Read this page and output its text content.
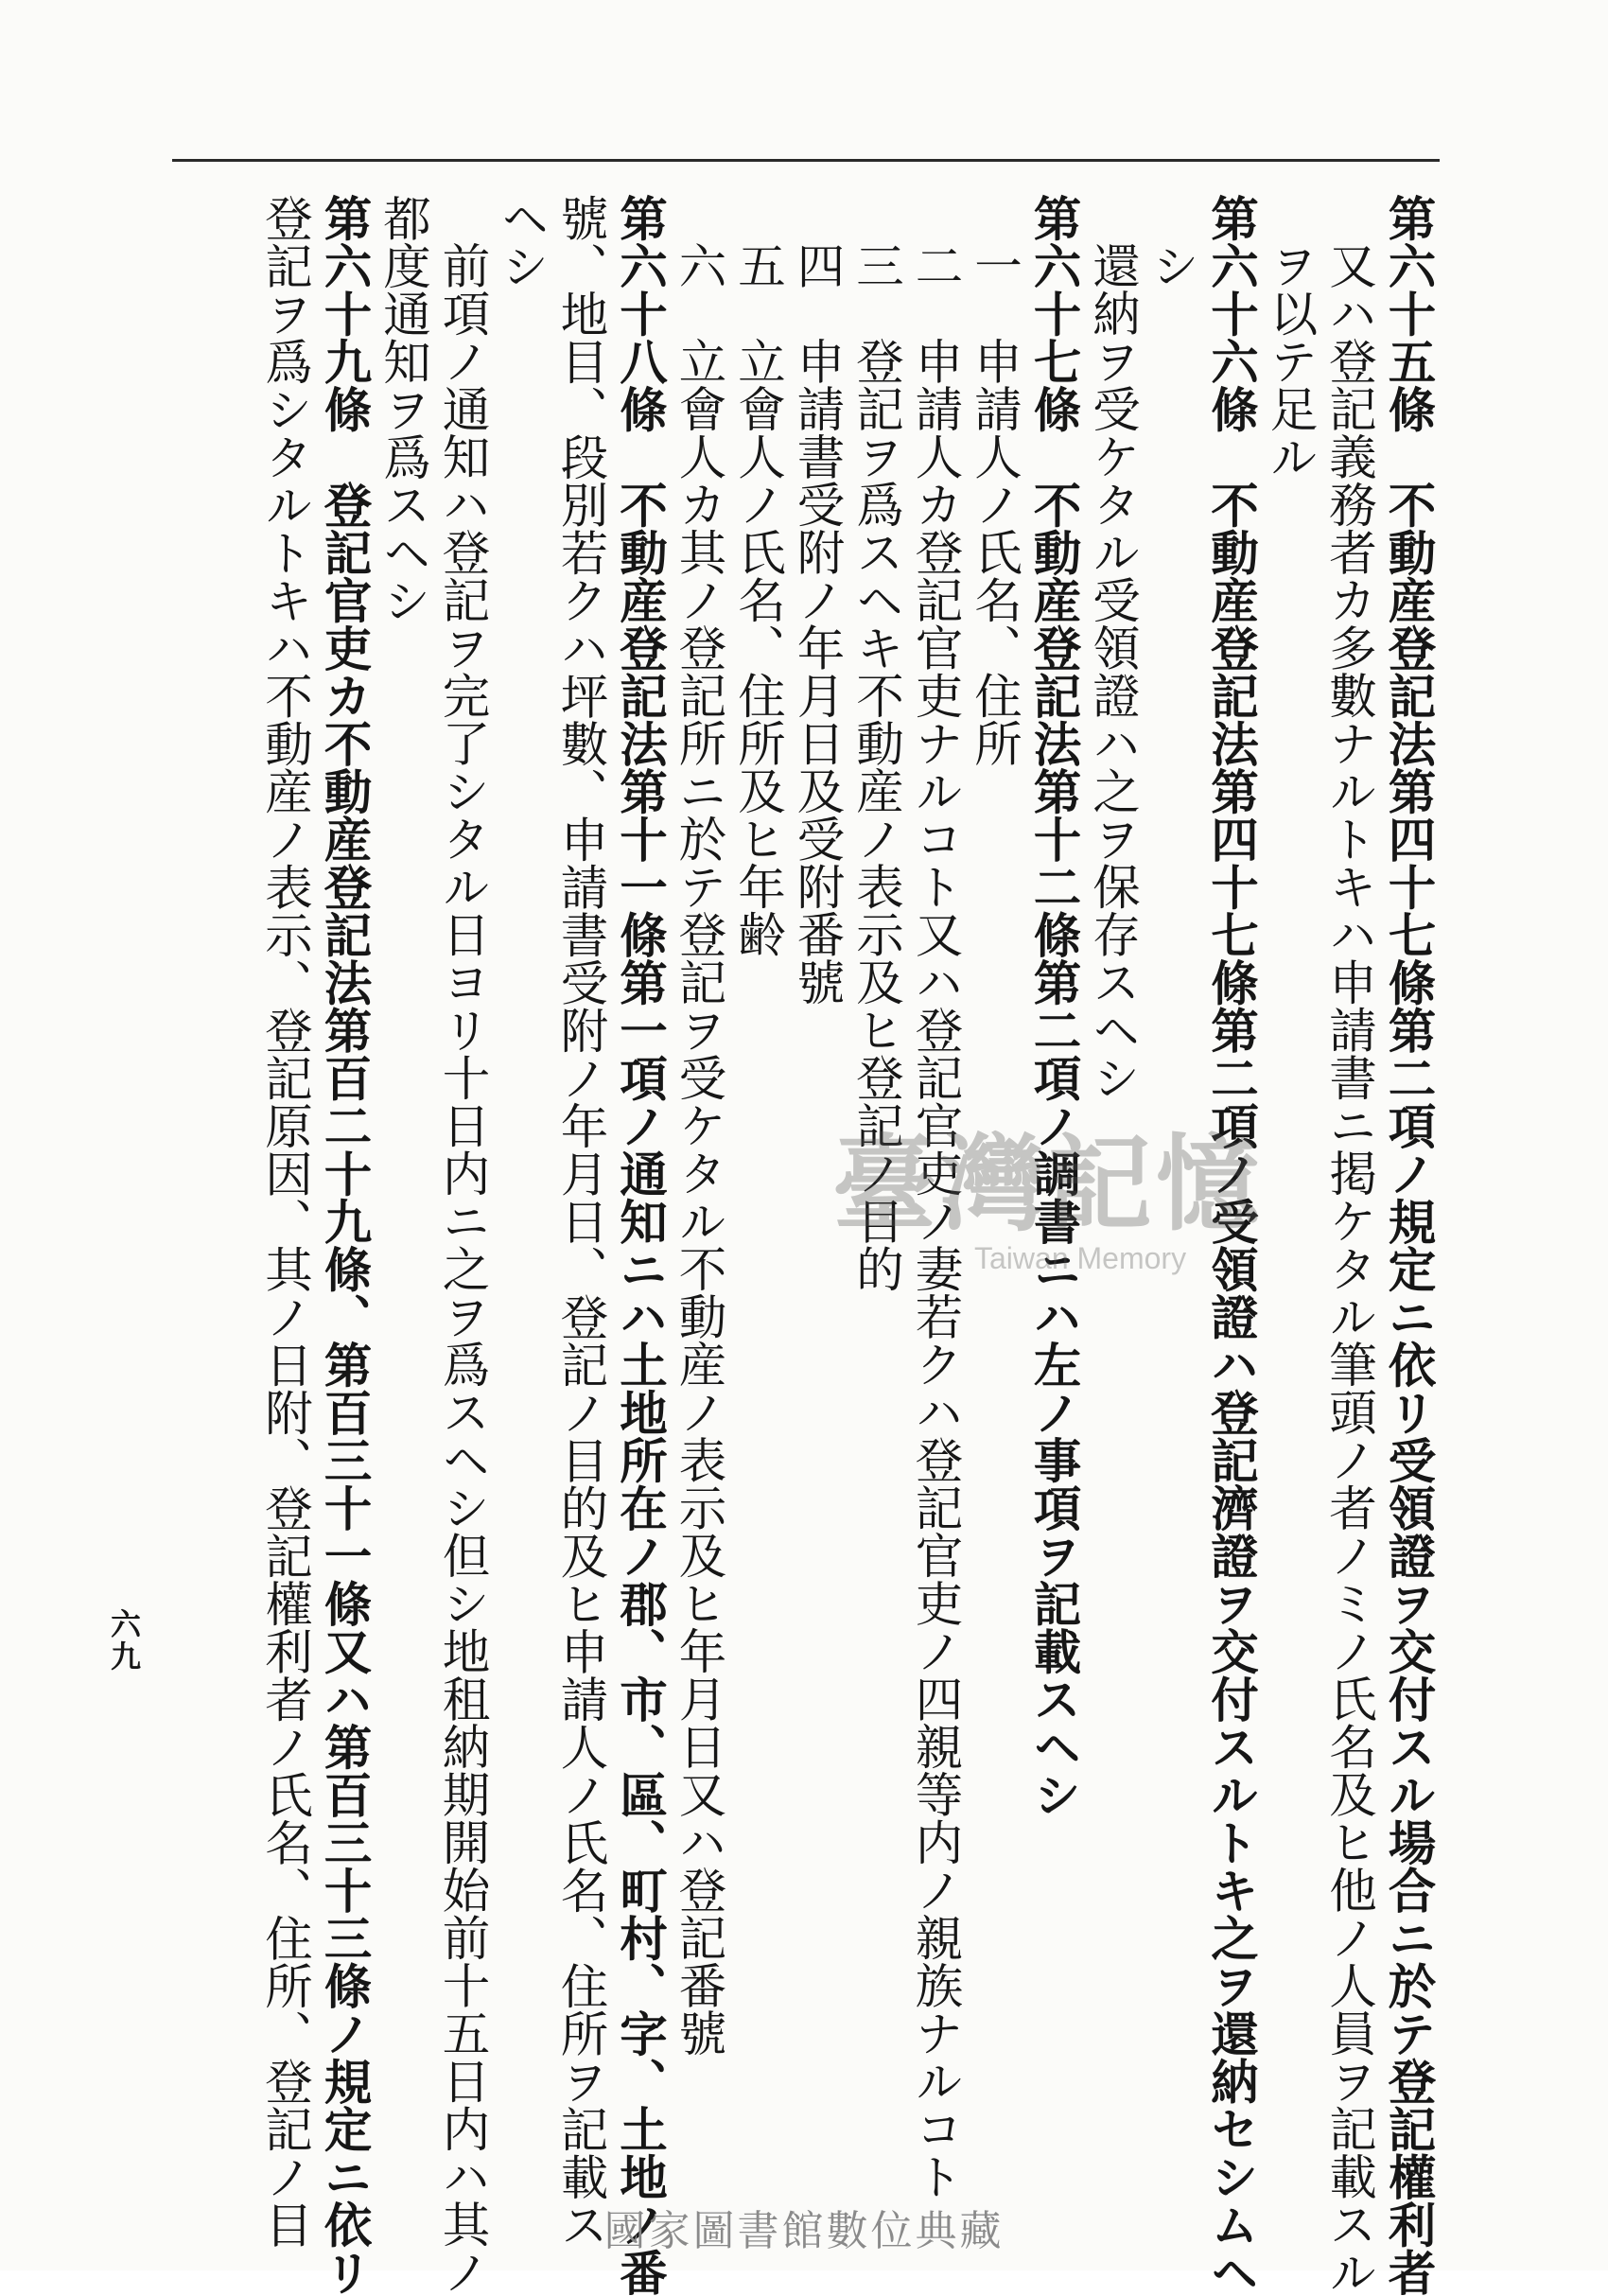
第六十五條　不動産登記法第四十七條第二項ノ規定ニ依リ受領證ヲ交付スル場合ニ於テ登記權利者
又ハ登記義務者カ多數ナルトキハ申請書ニ掲ケタル筆頭ノ者ノミノ氏名及ヒ他ノ人員ヲ記載スル
ヲ以テ足ル
第六十六條　不動産登記法第四十七條第二項ノ受領證ハ登記濟證ヲ交付スルトキ之ヲ還納セシムヘ
シ
還納ヲ受ケタル受領證ハ之ヲ保存スヘシ
第六十七條　不動産登記法第十二條第二項ノ調書ニハ左ノ事項ヲ記載スヘシ
一　申請人ノ氏名、住所
二　申請人カ登記官吏ナルコト又ハ登記官吏ノ妻若クハ登記官吏ノ四親等内ノ親族ナルコト
三　登記ヲ爲スヘキ不動産ノ表示及ヒ登記ノ目的
四　申請書受附ノ年月日及受附番號
五　立會人ノ氏名、住所及ヒ年齢
六　立會人カ其ノ登記所ニ於テ登記ヲ受ケタル不動産ノ表示及ヒ年月日又ハ登記番號
第六十八條　不動産登記法第十一條第一項ノ通知ニハ土地所在ノ郡、市、區、町村、字、土地ノ番
號、地目、段別若クハ坪數、申請書受附ノ年月日、登記ノ目的及ヒ申請人ノ氏名、住所ヲ記載ス
ヘシ
前項ノ通知ハ登記ヲ完了シタル日ヨリ十日内ニ之ヲ爲スヘシ但シ地租納期開始前十五日内ハ其ノ
都度通知ヲ爲スヘシ
第六十九條　登記官吏カ不動産登記法第百二十九條、第百三十一條又ハ第百三十三條ノ規定ニ依リ
登記ヲ爲シタルトキハ不動産ノ表示、登記原因、其ノ日附、登記權利者ノ氏名、住所、登記ノ目
六九
臺灣記憶
Taiwan Memory
國家圖書館數位典藏
